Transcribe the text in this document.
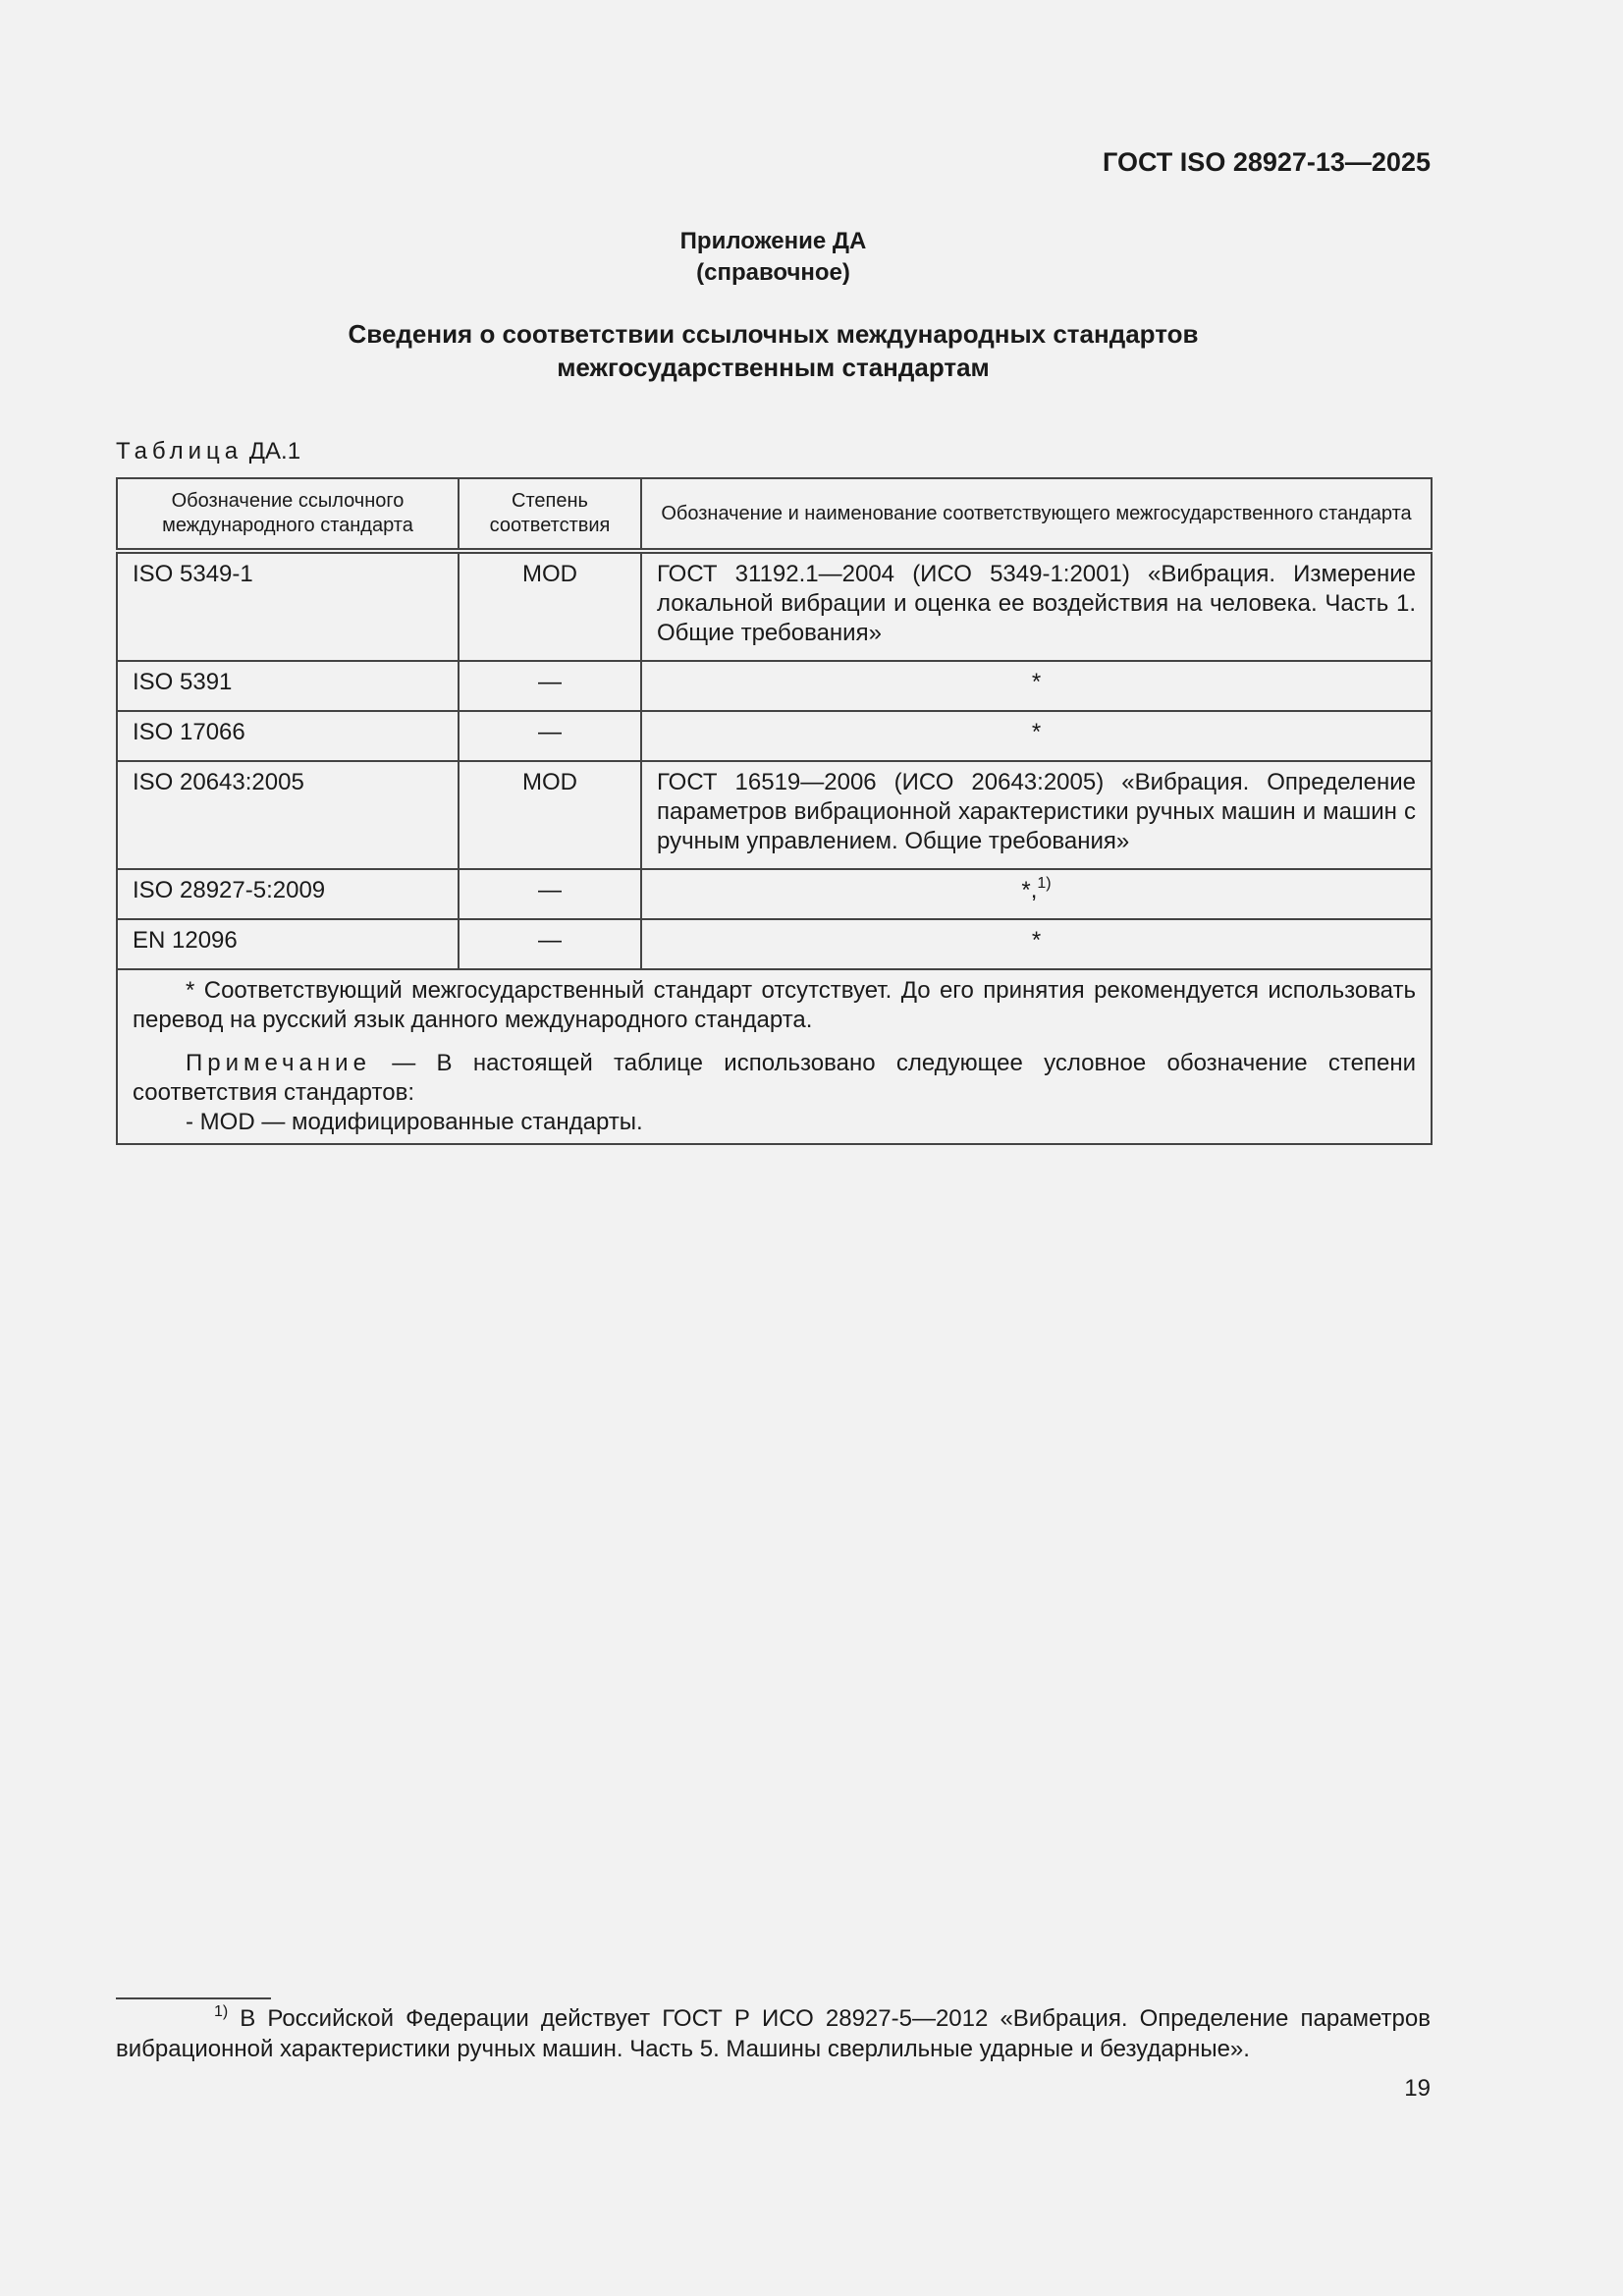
ГОСТ ISO 28927-13—2025
Приложение ДА
(справочное)
Сведения о соответствии ссылочных международных стандартов
межгосударственным стандартам
Таблица ДА.1
Обозначение ссылочного международного стандарта	Степень соответствия	Обозначение и наименование соответствующего межгосударственного стандарта
ISO 5349-1	MOD	ГОСТ 31192.1—2004 (ИСО 5349-1:2001) «Вибрация. Измерение локальной вибрации и оценка ее воздействия на человека. Часть 1. Общие требования»
ISO 5391	—	*
ISO 17066	—	*
ISO 20643:2005	MOD	ГОСТ 16519—2006 (ИСО 20643:2005) «Вибрация. Определение параметров вибрационной характеристики ручных машин и машин с ручным управлением. Общие требования»
ISO 28927-5:2009	—	*,$^{1)}$
EN 12096	—	*

* Соответствующий межгосударственный стандарт отсутствует. До его принятия рекомендуется использовать перевод на русский язык данного международного стандарта.

Примечание — В настоящей таблице использовано следующее условное обозначение степени соответствия стандартов:

- MOD — модифицированные стандарты.		

$^{1)}$ В Российской Федерации действует ГОСТ Р ИСО 28927-5—2012 «Вибрация. Определение параметров вибрационной характеристики ручных машин. Часть 5. Машины сверлильные ударные и безударные».
19
